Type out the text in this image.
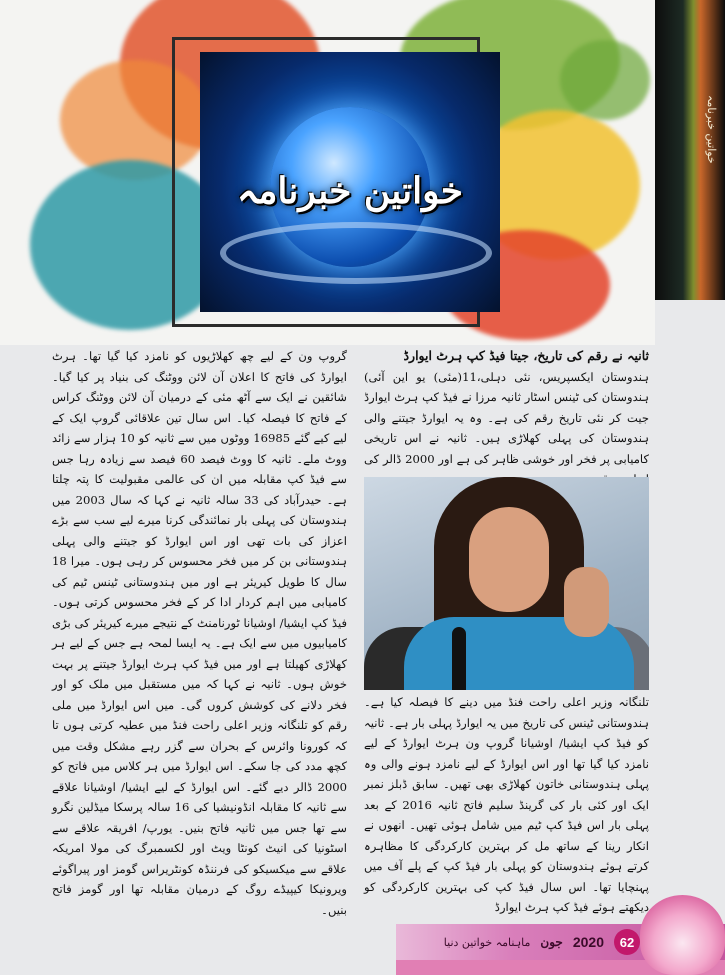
خواتین خبرنامہ
خواتین خبرنامہ
ثانیہ نے رقم کی تاریخ، جیتا فیڈ کپ ہرٹ ایوارڈ
ہندوستان ایکسپریس، نئی دہلی،11(مئی) یو این آئی) ہندوستان کی ٹینس اسٹار ثانیہ مرزا نے فیڈ کپ ہرٹ ایوارڈ جیت کر نئی تاریخ رقم کی ہے۔ وہ یہ ایوارڈ جیتنے والی ہندوستان کی پہلی کھلاڑی ہیں۔ ثانیہ نے اس تاریخی کامیابی پر فخر اور خوشی ظاہر کی ہے اور 2000 ڈالر کی
تلنگانہ وزیر اعلی راحت فنڈ میں دینے کا فیصلہ کیا ہے۔ ہندوستانی ٹینس کی تاریخ میں یہ ایوارڈ پہلی بار ہے۔ ثانیہ کو فیڈ کپ ایشیا/ اوشیانا گروپ ون ہرٹ ایوارڈ کے لیے نامزد کیا گیا تھا اور اس ایوارڈ کے لیے نامزد ہونے والی وہ پہلی ہندوستانی خاتون کھلاڑی بھی تھیں۔ سابق ڈبلز نمبر ایک اور کئی بار کی گرینڈ سلیم فاتح ثانیہ 2016 کے بعد پہلی بار اس فیڈ کپ ٹیم میں شامل ہوئی تھیں۔ انھوں نے انکار رینا کے ساتھ مل کر بہترین کارکردگی کا مظاہرہ کرتے ہوئے ہندوستان کو پہلی بار فیڈ کپ کے پلے آف میں پہنچایا تھا۔ اس سال فیڈ کپ کی بہترین کارکردگی کو دیکھتے ہوئے فیڈ کپ ہرٹ ایوارڈ
گروپ ون کے لیے چھ کھلاڑیوں کو نامزد کیا گیا تھا۔ ہرٹ ایوارڈ کی فاتح کا اعلان آن لائن ووٹنگ کی بنیاد پر کیا گیا۔ شائقین نے ایک سے آٹھ مئی کے درمیان آن لائن ووٹنگ کراس کے فاتح کا فیصلہ کیا۔ اس سال تین علاقائی گروپ ایک کے لیے کیے گئے 16985 ووٹوں میں سے ثانیہ کو 10 ہزار سے زائد ووٹ ملے۔ ثانیہ کا ووٹ فیصد 60 فیصد سے زیادہ رہا جس سے فیڈ کپ مقابلہ میں ان کی عالمی مقبولیت کا پتہ چلتا ہے۔ حیدرآباد کی 33 سالہ ثانیہ نے کہا کہ سال 2003 میں ہندوستان کی پہلی بار نمائندگی کرنا میرے لیے سب سے بڑے اعزاز کی بات تھی اور اس ایوارڈ کو جیتنے والی پہلی ہندوستانی بن کر میں فخر محسوس کر رہی ہوں۔ میرا 18 سال کا طویل کیریئر ہے اور میں ہندوستانی ٹینس ٹیم کی کامیابی میں اہم کردار ادا کر کے فخر محسوس کرتی ہوں۔ فیڈ کپ ایشیا/ اوشیانا ٹورنامنٹ کے نتیجے میرے کیریئر کی بڑی کامیابیوں میں سے ایک ہے۔ یہ ایسا لمحہ ہے جس کے لیے ہر کھلاڑی کھیلتا ہے اور میں فیڈ کپ ہرٹ ایوارڈ جیتنے پر بہت خوش ہوں۔ ثانیہ نے کہا کہ میں مستقبل میں ملک کو اور فخر دلانے کی کوشش کروں گی۔ میں اس ایوارڈ میں ملی رقم کو تلنگانہ وزیر اعلی راحت فنڈ میں عطیہ کرتی ہوں تا کہ کورونا وائرس کے بحران سے گزر رہے مشکل وقت میں کچھ مدد کی جا سکے۔ اس ایوارڈ میں ہر کلاس میں فاتح کو 2000 ڈالر دیے گئے۔ اس ایوارڈ کے لیے ایشیا/ اوشیانا علاقے سے ثانیہ کا مقابلہ انڈونیشیا کی 16 سالہ پرسکا میڈلین نگرو سے تھا جس میں ثانیہ فاتح بنیں۔ یورپ/ افریقہ علاقے سے اسٹونیا کی انیٹ کونٹا ویٹ اور لکسمبرگ کی مولا امریکہ علاقے سے میکسیکو کی فرننڈہ کونٹریراس گومز اور پیراگوئے ویرونیکا کیپیڈے روگ کے درمیان مقابلہ تھا اور گومز فاتح بنیں۔
ماہنامہ خواتین دنیا جون 2020	62
